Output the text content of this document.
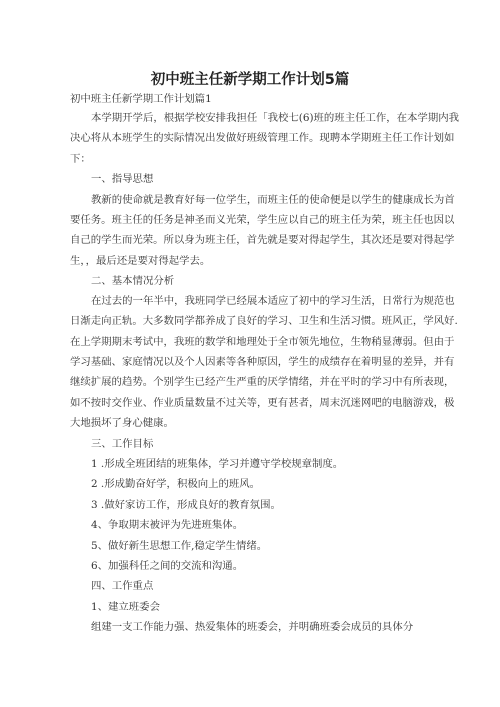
初中班主任新学期工作计划5篇
初中班主任新学期工作计划篇1
本学期开学后，根据学校安排我担任「我校七(6)班的班主任工作，在本学期内我
决心将从本班学生的实际情况出发做好班级管理工作。现聘本学期班主任工作计划如
下：
一、指导思想
教新的使命就是教育好每一位学生，而班主任的使命便是以学生的健康成长为首
要任务。班主任的任务是神圣而义光荣，学生应以自己的班主任为荣，班主任也因以
自己的学生而光荣。所以身为班主任，首先就是要对得起学生，其次还是要对得起学
生，，最后还是要对得起学去。
二、基本情况分析
在过去的一年半中，我班同学已经展本适应了初中的学习生活，日常行为规范也
日渐走向正轨。大多数同学都养成了良好的学习、卫生和生活习惯。班风正，学风好.
在上学期期末考试中，我班的数学和地理处于全市领先地位，生物稍显薄弱。但由于
学习基础、家庭情况以及个人因素等各种原因，学生的成绩存在着明显的差异，并有
继续扩展的趋势。个别学生已经产生严重的厌学情绪，并在平时的学习中有所表现，
如不按时交作业、作业质量数量不过关等，更有甚者，周末沉迷网吧的电脑游戏，极
大地损坏了身心健康。
三、工作目标
1 .形成全班团结的班集体，学习并遵守学校规章制度。
2 .形成勤奋好学，积极向上的班风。
3 .做好家访工作，形成良好的教育氛围。
4、争取期末被评为先进班集体。
5、做好新生思想工作,稳定学生情绪。
6、加强科任之间的交流和沟通。
四、工作重点
1、建立班委会
组建一支工作能力强、热爱集体的班委会，并明确班委会成员的具体分
